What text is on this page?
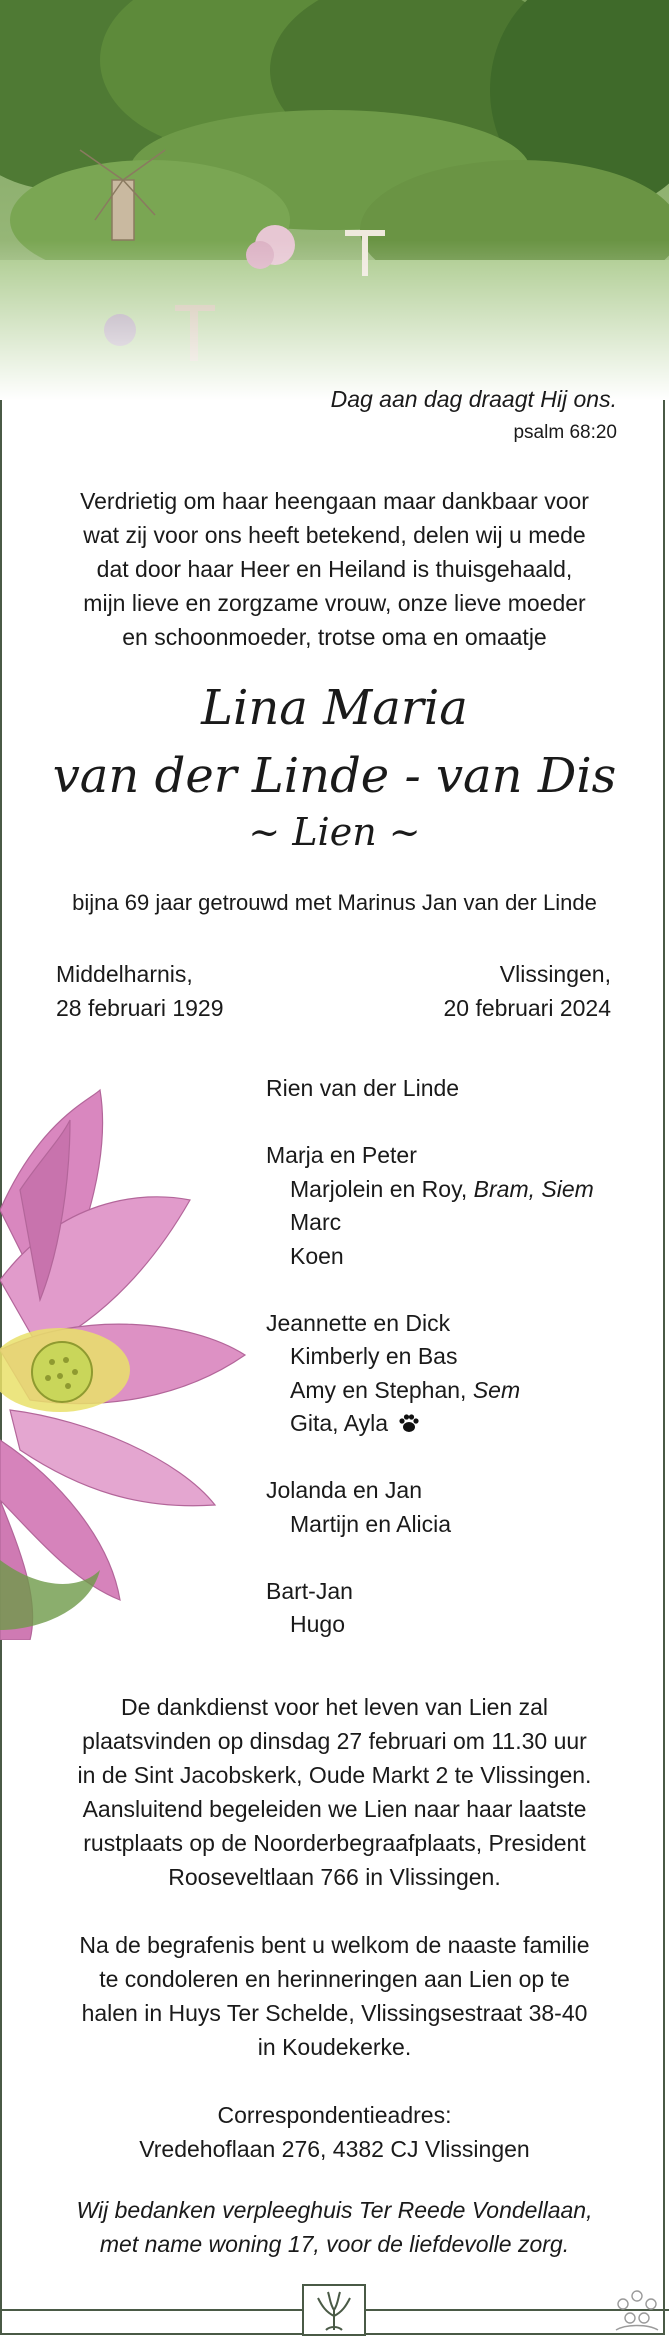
Dag aan dag draagt Hij ons.
psalm 68:20
Verdrietig om haar heengaan maar dankbaar voor
wat zij voor ons heeft betekend, delen wij u mede
dat door haar Heer en Heiland is thuisgehaald,
mijn lieve en zorgzame vrouw, onze lieve moeder
en schoonmoeder, trotse oma en omaatje
Lina Maria
van der Linde - van Dis
~ Lien ~
bijna 69 jaar getrouwd met Marinus Jan van der Linde
Middelharnis,
28 februari 1929
Vlissingen,
20 februari 2024
Rien van der Linde
Marja en Peter
Marjolein en Roy, Bram, Siem
Marc
Koen
Jeannette en Dick
Kimberly en Bas
Amy en Stephan, Sem
Gita, Ayla
Jolanda en Jan
Martijn en Alicia
Bart-Jan
Hugo
De dankdienst voor het leven van Lien zal
plaatsvinden op dinsdag 27 februari om 11.30 uur
in de Sint Jacobskerk, Oude Markt 2 te Vlissingen.
Aansluitend begeleiden we Lien naar haar laatste
rustplaats op de Noorderbegraafplaats, President
Rooseveltlaan 766 in Vlissingen.
Na de begrafenis bent u welkom de naaste familie
te condoleren en herinneringen aan Lien op te
halen in Huys Ter Schelde, Vlissingsestraat 38-40
in Koudekerke.
Correspondentieadres:
Vredehoflaan 276, 4382 CJ Vlissingen
Wij bedanken verpleeghuis Ter Reede Vondellaan,
met name woning 17, voor de liefdevolle zorg.
